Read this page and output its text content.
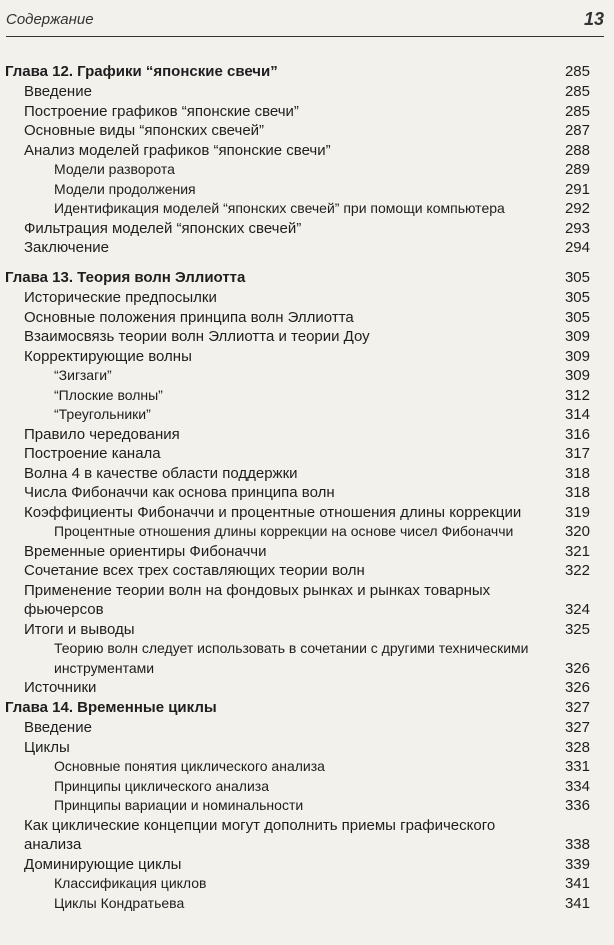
Содержание	13
Глава 12. Графики “японские свечи”	285
Введение	285
Построение графиков “японские свечи”	285
Основные виды “японских свечей”	287
Анализ моделей графиков “японские свечи”	288
Модели разворота	289
Модели продолжения	291
Идентификация моделей “японских свечей” при помощи компьютера	292
Фильтрация моделей “японских свечей”	293
Заключение	294
Глава 13. Теория волн Эллиотта	305
Исторические предпосылки	305
Основные положения принципа волн Эллиотта	305
Взаимосвязь теории волн Эллиотта и теории Доу	309
Корректирующие волны	309
“Зигзаги”	309
“Плоские волны”	312
“Треугольники”	314
Правило чередования	316
Построение канала	317
Волна 4 в качестве области поддержки	318
Числа Фибоначчи как основа принципа волн	318
Коэффициенты Фибоначчи и процентные отношения длины коррекции	319
Процентные отношения длины коррекции на основе чисел Фибоначчи	320
Временные ориентиры Фибоначчи	321
Сочетание всех трех составляющих теории волн	322
Применение теории волн на фондовых рынках и рынках товарных фьючерсов	324
Итоги и выводы	325
Теорию волн следует использовать в сочетании с другими техническими инструментами	326
Источники	326
Глава 14. Временные циклы	327
Введение	327
Циклы	328
Основные понятия циклического анализа	331
Принципы циклического анализа	334
Принципы вариации и номинальности	336
Как циклические концепции могут дополнить приемы графического анализа	338
Доминирующие циклы	339
Классификация циклов	341
Циклы Кондратьева	341
